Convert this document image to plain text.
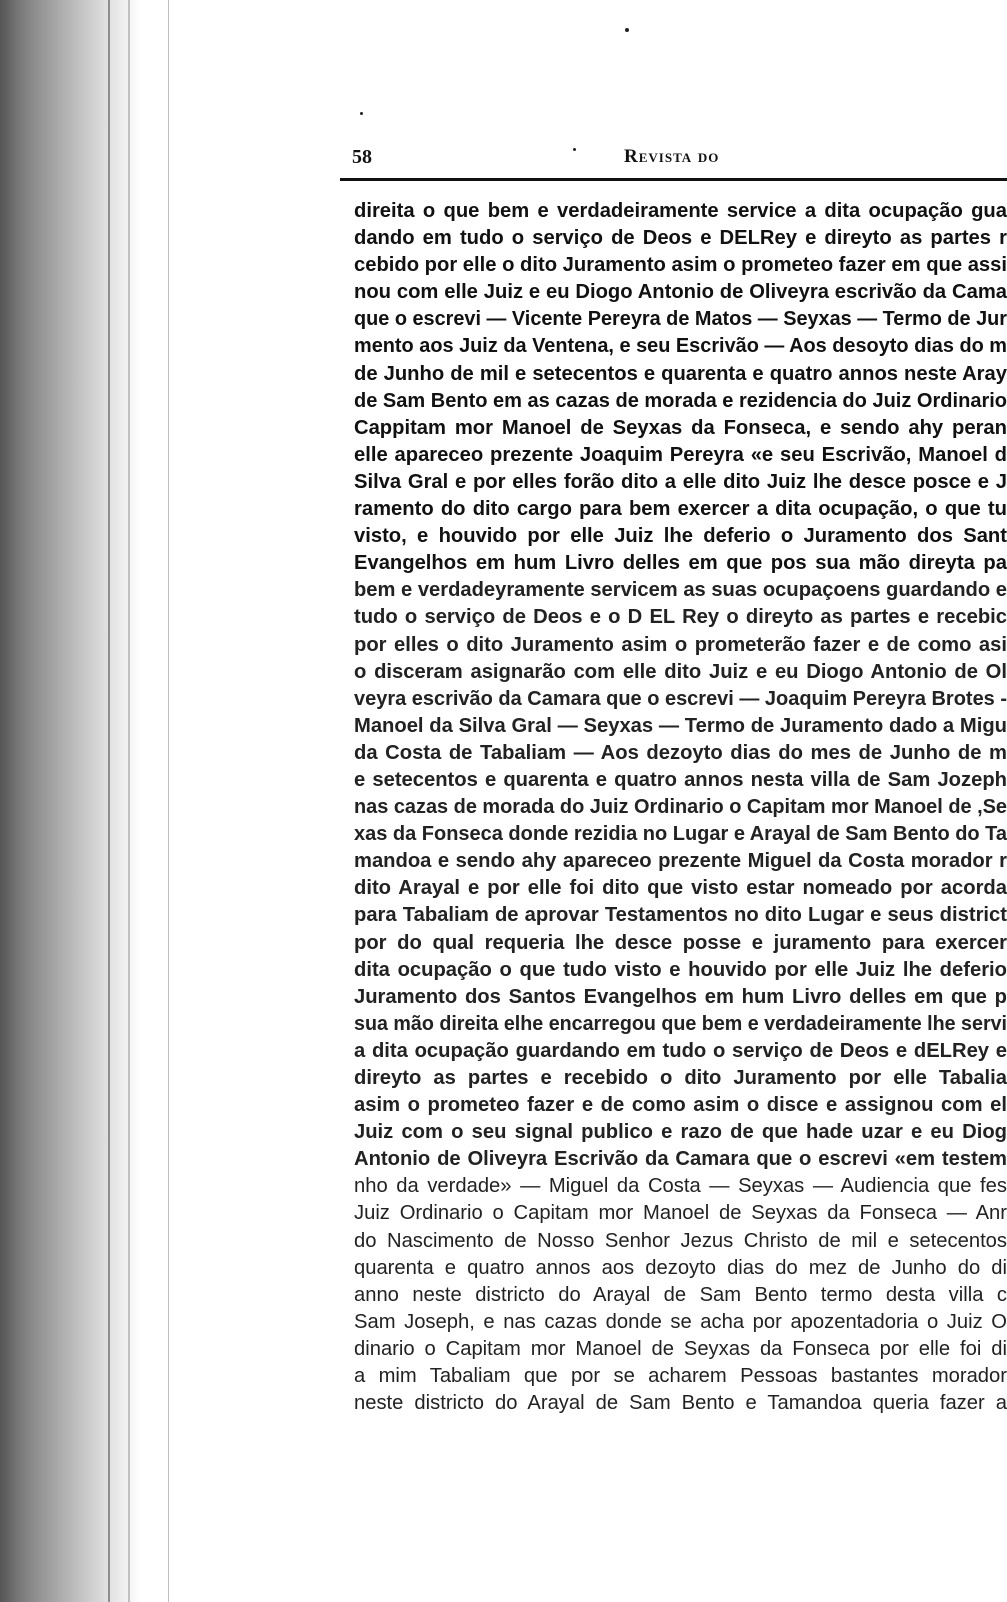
58	Revista do
direita o que bem e verdadeiramente service a dita ocupação gua
dando em tudo o serviço de Deos e DELRey e direyto as partes r
cebido por elle o dito Juramento asim o prometeo fazer em que assi
nou com elle Juiz e eu Diogo Antonio de Oliveyra escrivão da Cama
que o escrevi — Vicente Pereyra de Matos — Seyxas — Termo de Jur
mento aos Juiz da Ventena, e seu Escrivão — Aos desoyto dias do m
de Junho de mil e setecentos e quarenta e quatro annos neste Aray
de Sam Bento em as cazas de morada e rezidencia do Juiz Ordinario
Cappitam mor Manoel de Seyxas da Fonseca, e sendo ahy peran
elle apareceo prezente Joaquim Pereyra «e seu Escrivão, Manoel d
Silva Gral e por elles forão dito a elle dito Juiz lhe desce posce e J
ramento do dito cargo para bem exercer a dita ocupação, o que tu
visto, e houvido por elle Juiz lhe deferio o Juramento dos Sant
Evangelhos em hum Livro delles em que pos sua mão direyta pa
bem e verdadeyramente servicem as suas ocupaçoens guardando e
tudo o serviço de Deos e o D EL Rey o direyto as partes e recebic
por elles o dito Juramento asim o prometerão fazer e de como asi
o disceram asignarão com elle dito Juiz e eu Diogo Antonio de Ol
veyra escrivão da Camara que o escrevi — Joaquim Pereyra Brotes -
Manoel da Silva Gral — Seyxas — Termo de Juramento dado a Migu
da Costa de Tabaliam — Aos dezoyto dias do mes de Junho de m
e setecentos e quarenta e quatro annos nesta villa de Sam Jozeph
nas cazas de morada do Juiz Ordinario o Capitam mor Manoel de ,Se
xas da Fonseca donde rezidia no Lugar e Arayal de Sam Bento do Ta
mandoa e sendo ahy apareceo prezente Miguel da Costa morador r
dito Arayal e por elle foi dito que visto estar nomeado por acorda
para Tabaliam de aprovar Testamentos no dito Lugar e seus district
por do qual requeria lhe desce posse e juramento para exercer
dita ocupação o que tudo visto e houvido por elle Juiz lhe deferio
Juramento dos Santos Evangelhos em hum Livro delles em que p
sua mão direita elhe encarregou que bem e verdadeiramente lhe servi
a dita ocupação guardando em tudo o serviço de Deos e dELRey e
direyto as partes e recebido o dito Juramento por elle Tabalia
asim o prometeo fazer e de como asim o disce e assignou com el
Juiz com o seu signal publico e razo de que hade uzar e eu Diog
Antonio de Oliveyra Escrivão da Camara que o escrevi «em testem
nho da verdade» — Miguel da Costa — Seyxas — Audiencia que fes
Juiz Ordinario o Capitam mor Manoel de Seyxas da Fonseca — Anr
do Nascimento de Nosso Senhor Jezus Christo de mil e setecentos
quarenta e quatro annos aos dezoyto dias do mez de Junho do di
anno neste districto do Arayal de Sam Bento termo desta villa c
Sam Joseph, e nas cazas donde se acha por apozentadoria o Juiz O
dinario o Capitam mor Manoel de Seyxas da Fonseca por elle foi di
a mim Tabaliam que por se acharem Pessoas bastantes morador
neste districto do Arayal de Sam Bento e Tamandoa queria fazer a
